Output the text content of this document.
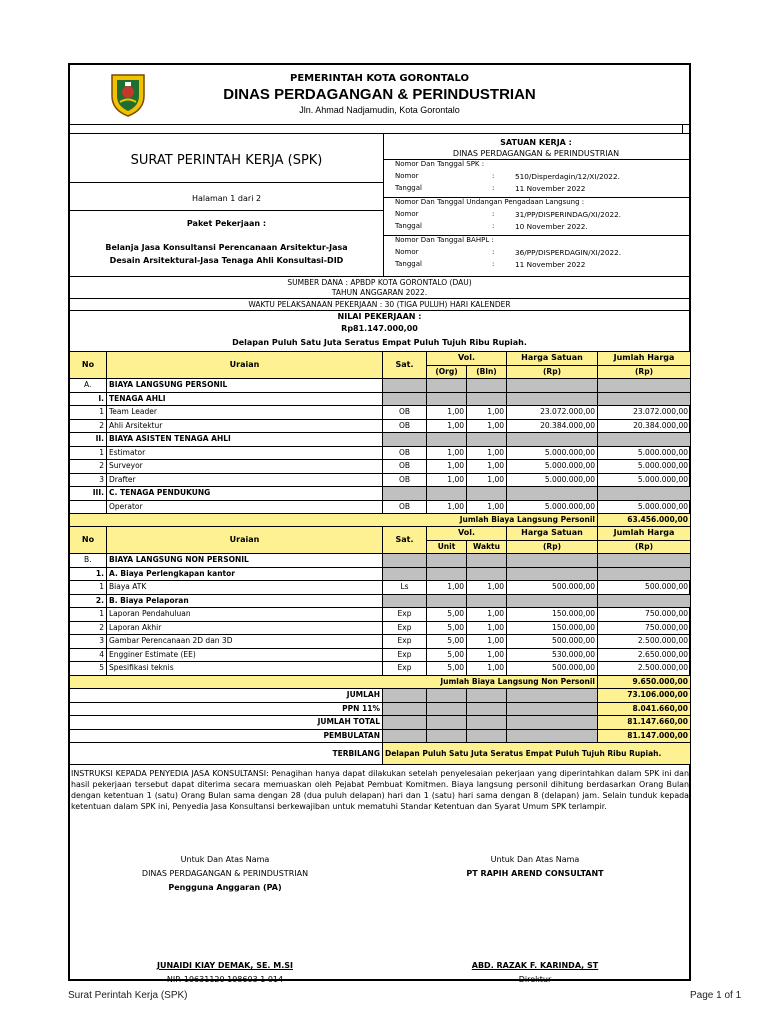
PEMERINTAH KOTA GORONTALO
DINAS PERDAGANGAN & PERINDUSTRIAN
Jln. Ahmad Nadjamudin, Kota Gorontalo
SURAT PERINTAH KERJA (SPK)
Halaman 1 dari 2
Paket Pekerjaan :
Belanja Jasa Konsultansi Perencanaan Arsitektur-Jasa
Desain Arsitektural-Jasa Tenaga Ahli Konsultasi-DID
SATUAN KERJA :
DINAS PERDAGANGAN & PERINDUSTRIAN
Nomor Dan Tanggal SPK :
Nomor	:	510/Disperdagin/12/XI/2022.
Tanggal	:	11 November 2022
Nomor Dan Tanggal Undangan Pengadaan Langsung :
Nomor	:	31/PP/DISPERINDAG/XI/2022.
Tanggal	:	10 November 2022.
Nomor Dan Tanggal BAHPL :
Nomor	:	36/PP/DISPERDAGIN/XI/2022.
Tanggal	:	11 November 2022
SUMBER DANA : APBDP KOTA GORONTALO (DAU)
TAHUN ANGGARAN 2022.
WAKTU PELAKSANAAN PEKERJAAN : 30 (TIGA PULUH) HARI KALENDER
NILAI PEKERJAAN :
Rp81.147.000,00
Delapan Puluh Satu Juta Seratus Empat Puluh Tujuh Ribu Rupiah.
No	Uraian	Sat.	Vol.		Harga Satuan	Jumlah Harga
			(Org)	(Bln)	(Rp)	(Rp)
A.	BIAYA LANGSUNG PERSONIL					
I.	TENAGA AHLI					
1	Team Leader	OB	1,00	1,00	23.072.000,00	23.072.000,00
2	Ahli Arsitektur	OB	1,00	1,00	20.384.000,00	20.384.000,00
II.	BIAYA ASISTEN TENAGA AHLI					
1	Estimator	OB	1,00	1,00	5.000.000,00	5.000.000,00
2	Surveyor	OB	1,00	1,00	5.000.000,00	5.000.000,00
3	Drafter	OB	1,00	1,00	5.000.000,00	5.000.000,00
III.	C. TENAGA PENDUKUNG					
	Operator	OB	1,00	1,00	5.000.000,00	5.000.000,00
Jumlah Biaya Langsung Personil						63.456.000,00
No	Uraian	Sat.	Vol.		Harga Satuan	Jumlah Harga
			Unit	Waktu	(Rp)	(Rp)
B.	BIAYA LANGSUNG NON PERSONIL					
1.	A. Biaya Perlengkapan kantor					
1	Biaya ATK	Ls	1,00	1,00	500.000,00	500.000,00
2.	B. Biaya Pelaporan					
1	Laporan Pendahuluan	Exp	5,00	1,00	150.000,00	750.000,00
2	Laporan Akhir	Exp	5,00	1,00	150.000,00	750.000,00
3	Gambar Perencanaan 2D dan 3D	Exp	5,00	1,00	500.000,00	2.500.000,00
4	Engginer Estimate (EE)	Exp	5,00	1,00	530.000,00	2.650.000,00
5	Spesifikasi teknis	Exp	5,00	1,00	500.000,00	2.500.000,00
Jumlah Biaya Langsung Non Personil						9.650.000,00
JUMLAH						73.106.000,00
PPN 11%						8.041.660,00
JUMLAH TOTAL						81.147.660,00
PEMBULATAN						81.147.000,00
TERBILANG		Delapan Puluh Satu Juta Seratus Empat Puluh Tujuh Ribu Rupiah.				
INSTRUKSI KEPADA PENYEDIA JASA KONSULTANSI: Penagihan hanya dapat dilakukan setelah penyelesaian pekerjaan yang diperintahkan dalam SPK ini dan hasil pekerjaan tersebut dapat diterima secara memuaskan oleh Pejabat Pembuat Komitmen. Biaya langsung personil dihitung berdasarkan Orang Bulan dengan ketentuan 1 (satu) Orang Bulan sama dengan 28 (dua puluh delapan) hari dan 1 (satu) hari sama dengan 8 (delapan) jam. Selain tunduk kepada ketentuan dalam SPK ini, Penyedia Jasa Konsultansi berkewajiban untuk mematuhi Standar Ketentuan dan Syarat Umum SPK terlampir.
Untuk Dan Atas Nama
DINAS PERDAGANGAN & PERINDUSTRIAN
Pengguna Anggaran (PA)
JUNAIDI KIAY DEMAK, SE. M.SI
NIP. 19631120 198603 1 014
Untuk Dan Atas Nama
PT RAPIH AREND CONSULTANT
ABD. RAZAK F. KARINDA, ST
Direktur
Surat Perintah Kerja (SPK)	Page 1 of 1
